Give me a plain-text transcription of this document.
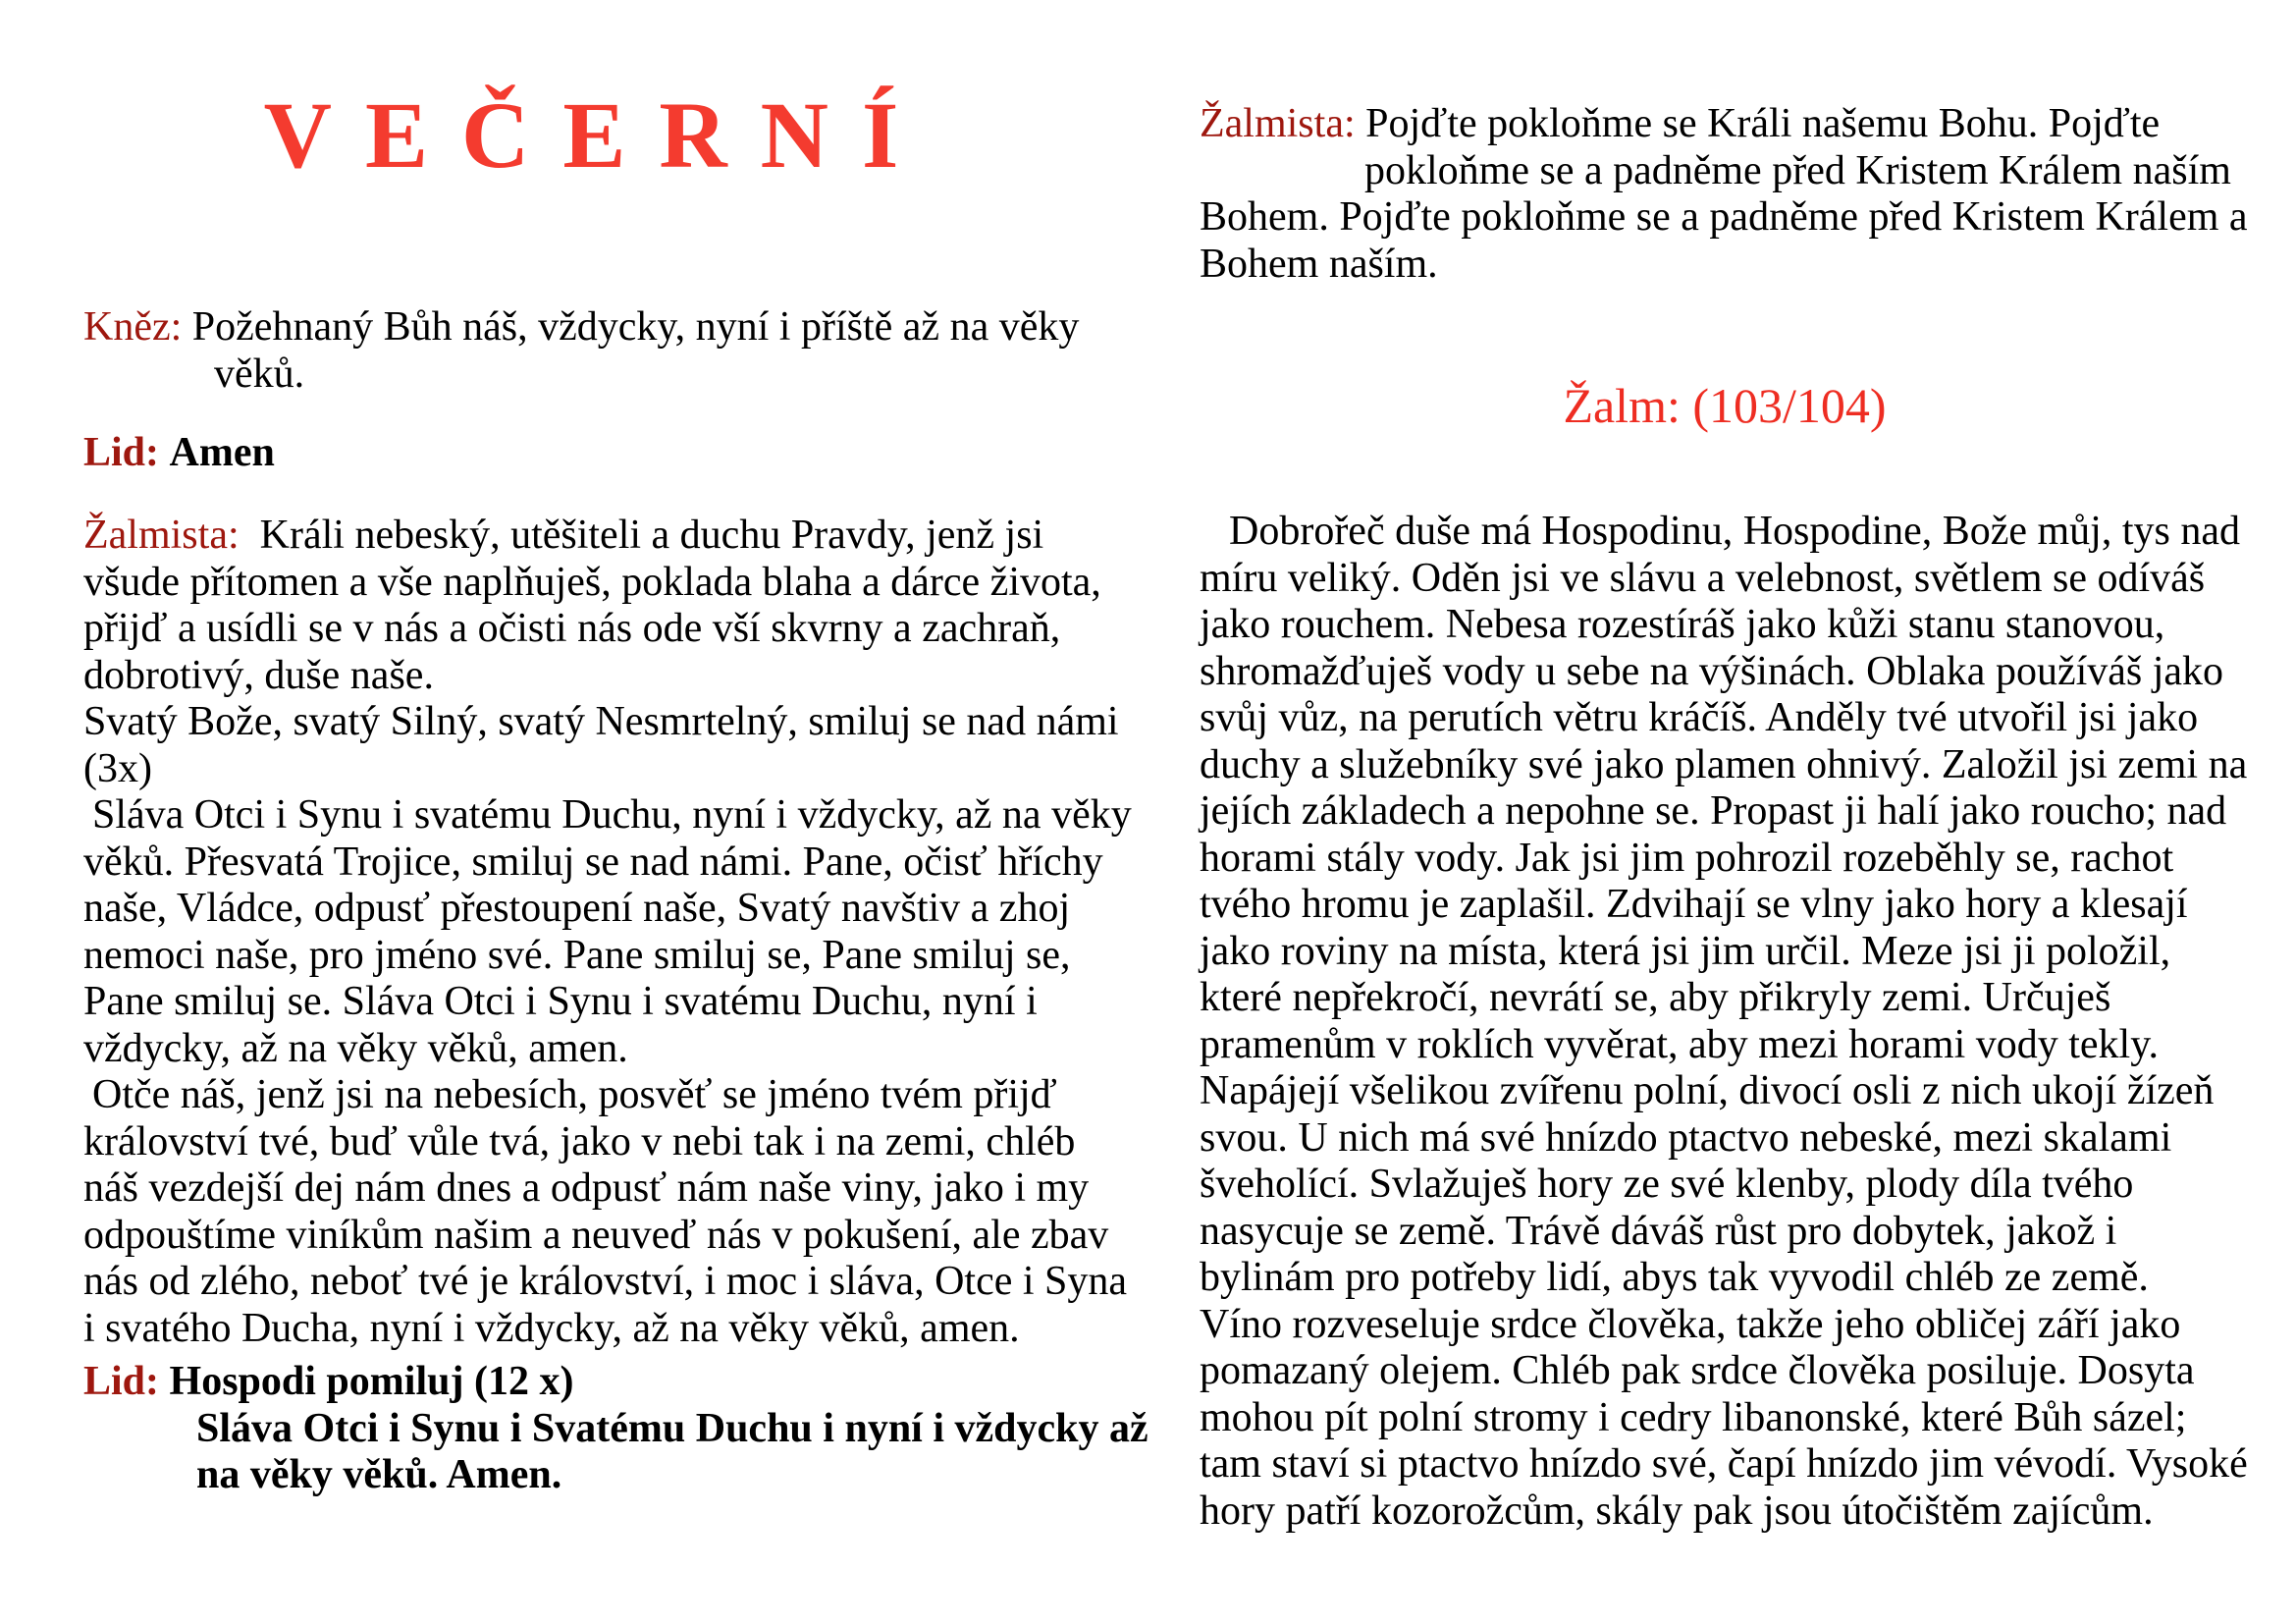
VEČERNÍ
Kněz: Požehnaný Bůh náš, vždycky, nyní i příště až na věky
věků.
Lid: Amen
Žalmista:  Králi nebeský, utěšiteli a duchu Pravdy, jenž jsi
všude přítomen a vše naplňuješ, poklada blaha a dárce života,
přijď a usídli se v nás a očisti nás ode vší skvrny a zachraň,
dobrotivý, duše naše.
Svatý Bože, svatý Silný, svatý Nesmrtelný, smiluj se nad námi
(3x)
Sláva Otci i Synu i svatému Duchu, nyní i vždycky, až na věky
věků. Přesvatá Trojice, smiluj se nad námi. Pane, očisť hříchy
naše, Vládce, odpusť přestoupení naše, Svatý navštiv a zhoj
nemoci naše, pro jméno své. Pane smiluj se, Pane smiluj se,
Pane smiluj se. Sláva Otci i Synu i svatému Duchu, nyní i
vždycky, až na věky věků, amen.
Otče náš, jenž jsi na nebesích, posvěť se jméno tvém přijď
království tvé, buď vůle tvá, jako v nebi tak i na zemi, chléb
náš vezdejší dej nám dnes a odpusť nám naše viny, jako i my
odpouštíme viníkům našim a neuveď nás v pokušení, ale zbav
nás od zlého, neboť tvé je království, i moc i sláva, Otce i Syna
i svatého Ducha, nyní i vždycky, až na věky věků, amen.
Lid: Hospodi pomiluj (12 x)
Sláva Otci i Synu i Svatému Duchu i nyní i vždycky až
na věky věků. Amen.
Žalmista: Pojďte pokloňme se Králi našemu Bohu. Pojďte
pokloňme se a padněme před Kristem Králem naším
Bohem. Pojďte pokloňme se a padněme před Kristem Králem a
Bohem naším.
Žalm: (103/104)
Dobrořeč duše má Hospodinu, Hospodine, Bože můj, tys nad
míru veliký. Oděn jsi ve slávu a velebnost, světlem se odíváš
jako rouchem. Nebesa rozestíráš jako kůži stanu stanovou,
shromažďuješ vody u sebe na výšinách. Oblaka používáš jako
svůj vůz, na perutích větru kráčíš. Anděly tvé utvořil jsi jako
duchy a služebníky své jako plamen ohnivý. Založil jsi zemi na
jejích základech a nepohne se. Propast ji halí jako roucho; nad
horami stály vody. Jak jsi jim pohrozil rozeběhly se, rachot
tvého hromu je zaplašil. Zdvihají se vlny jako hory a klesají
jako roviny na místa, která jsi jim určil. Meze jsi ji položil,
které nepřekročí, nevrátí se, aby přikryly zemi. Určuješ
pramenům v roklích vyvěrat, aby mezi horami vody tekly.
Napájejí všelikou zvířenu polní, divocí osli z nich ukojí žízeň
svou. U nich má své hnízdo ptactvo nebeské, mezi skalami
šveholící. Svlažuješ hory ze své klenby, plody díla tvého
nasycuje se země. Trávě dáváš růst pro dobytek, jakož i
bylinám pro potřeby lidí, abys tak vyvodil chléb ze země.
Víno rozveseluje srdce člověka, takže jeho obličej září jako
pomazaný olejem. Chléb pak srdce člověka posiluje. Dosyta
mohou pít polní stromy i cedry libanonské, které Bůh sázel;
tam staví si ptactvo hnízdo své, čapí hnízdo jim vévodí. Vysoké
hory patří kozorožcům, skály pak jsou útočištěm zajícům.
